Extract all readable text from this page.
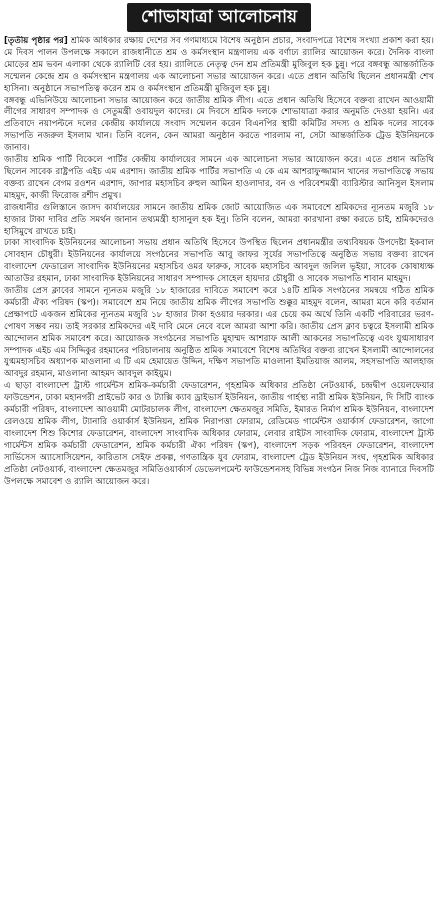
শোভাযাত্রা আলোচনায়

[তৃতীয় পৃষ্ঠার পর] শ্রমিক অধিকার রক্ষায় দেশের সব গণমাধ্যমে বিশেষ অনুষ্ঠান প্রচার, সংবাদপত্রে বিশেষ সংখ্যা প্রকাশ করা হয়। মে দিবস পালন উপলক্ষে সকালে রাজধানীতে শ্রম ও কর্মসংস্থান মন্ত্রণালয় এক বর্ণাঢ্য র‌্যালির আয়োজন করে। দৈনিক বাংলা মোড়ের শ্রম ভবন এলাকা থেকে র‌্যালিটি বের হয়। র‌্যালিতে নেতৃত্ব দেন শ্রম প্রতিমন্ত্রী মুজিবুল হক চুন্নু। পরে বঙ্গবন্ধু আন্তর্জাতিক সম্মেলন কেন্দ্রে শ্রম ও কর্মসংস্থান মন্ত্রণালয় এক আলোচনা সভার আয়োজন করে। এতে প্রধান অতিথি ছিলেন প্রধানমন্ত্রী শেখ হাসিনা। অনুষ্ঠানে সভাপতিত্ব করেন শ্রম ও কর্মসংস্থান প্রতিমন্ত্রী মুজিবুল হক চুন্নু।

বঙ্গবন্ধু এভিনিউয়ে আলোচনা সভার আয়োজন করে জাতীয় শ্রমিক লীগ। এতে প্রধান অতিথি হিসেবে বক্তব্য রাখেন আওয়ামী লীগের সাধারণ সম্পাদক ও সেতুমন্ত্রী ওবায়দুল কাদের। মে দিবসে শ্রমিক দলকে শোভাযাত্রা করার অনুমতি দেওয়া হয়নি। এর প্রতিবাদে নয়াপল্টনে দলের কেন্দ্রীয় কার্যালয়ে সংবাদ সম্মেলন করেন বিএনপির স্থায়ী কমিটির সদস্য ও শ্রমিক দলের সাবেক সভাপতি নজরুল ইসলাম খান। তিনি বলেন, কেন আমরা অনুষ্ঠান করতে পারলাম না, সেটা আন্তর্জাতিক ট্রেড ইউনিয়নকে জানাব।

জাতীয় শ্রমিক পার্টি বিকেলে পার্টির কেন্দ্রীয় কার্যালয়ের সামনে এক আলোচনা সভার আয়োজন করে। এতে প্রধান অতিথি ছিলেন সাবেক রাষ্ট্রপতি এইচ এম এরশাদ। জাতীয় শ্রমিক পার্টির সভাপতি এ কে এম আশরাফুজ্জামান খানের সভাপতিত্বে সভায় বক্তব্য রাখেন বেগম রওশন এরশাদ, জাপার মহাসচিব রুহুল আমিন হাওলাদার, বন ও পরিবেশমন্ত্রী ব্যারিস্টার আনিসুল ইসলাম মাহমুদ, কাজী ফিরোজ রশীদ প্রমুখ।

রাজধানীর গুলিস্তানে জাসদ কার্যালয়ের সামনে জাতীয় শ্রমিক জোট আয়োজিত এক সমাবেশে শ্রমিকদের ন্যূনতম মজুরি ১৮ হাজার টাকা দাবির প্রতি সমর্থন জানান তথ্যমন্ত্রী হাসানুল হক ইনু। তিনি বলেন, আমরা কারখানা রক্ষা করতে চাই, শ্রমিকদেরও হাসিমুখে রাখতে চাই।

ঢাকা সাংবাদিক ইউনিয়নের আলোচনা সভায় প্রধান অতিথি হিসেবে উপস্থিত ছিলেন প্রধানমন্ত্রীর তথ্যবিষয়ক উপদেষ্টা ইকবাল সোবহান চৌধুরী। ইউনিয়নের কার্যালয়ে সংগঠনের সভাপতি আবু জাফর সূর্যের সভাপতিত্বে অনুষ্ঠিত সভায় বক্তব্য রাখেন বাংলাদেশ ফেডারেল সাংবাদিক ইউনিয়নের মহাসচিব ওমর ফারুক, সাবেক মহাসচিব আবদুল জলিল ভূইয়া, সাবেক কোষাধ্যক্ষ আতাউর রহমান, ঢাকা সাংবাদিক ইউনিয়নের সাধারণ সম্পাদক সোহেল হায়দার চৌধুরী ও সাবেক সভাপতি শাবান মাহমুদ।

জাতীয় প্রেস ক্লাবের সামনে ন্যূনতম মজুরি ১৮ হাজারের দাবিতে সমাবেশ করে ১৪টি শ্রমিক সংগঠনের সমন্বয়ে গঠিত শ্রমিক কর্মচারী ঐক্য পরিষদ (স্কপ)। সমাবেশে শ্রম নিয়ে জাতীয় শ্রমিক লীগের সভাপতি শুক্কুর মাহমুদ বলেন, আমরা মনে করি বর্তমান প্রেক্ষাপটে একজন শ্রমিকের ন্যূনতম মজুরি ১৮ হাজার টাকা হওয়ার দরকার। এর চেয়ে কম অর্থে তিনি একটি পরিবারের ভরণ-পোষণ সম্ভব নয়। তাই সরকার শ্রমিকদের এই দাবি মেনে নেবে বলে আমরা আশা করি। জাতীয় প্রেস ক্লাব চত্বরে ইসলামী শ্রমিক আন্দোলন শ্রমিক সমাবেশ করে। আয়োজক সংগঠনের সভাপতি মুহাম্মদ আশরাফ আলী আকনের সভাপতিত্বে এবং যুগ্মসাধারণ সম্পাদক এইচ এম সিদ্দিকুর রহমানের পরিচালনায় অনুষ্ঠিত শ্রমিক সমাবেশে বিশেষ অতিথির বক্তব্য রাখেন ইসলামী আন্দোলনের যুগ্মমহাসচিব অধ্যাপক মাওলানা এ টি এম হেমায়েত উদ্দিন, দক্ষিণ সভাপতি মাওলানা ইমতিয়াজ আলম, সহসভাপতি আলহাজ আবদুর রহমান, মাওলানা আহমদ আবদুল কাইয়ুম।

এ ছাড়া বাংলাদেশ ট্রাস্ট গার্মেন্টস শ্রমিক-কর্মচারী ফেডারেশন, গৃহশ্রমিক অধিকার প্রতিষ্ঠা নেটওয়ার্ক, চন্দ্রদ্বীপ ওয়েলফেয়ার ফাউন্ডেশন, ঢাকা মহানগরী প্রাইভেট কার ও ট্যাক্সি ক্যাব ড্রাইভার্স ইউনিয়ন, জাতীয় গার্হস্থ্য নারী শ্রমিক ইউনিয়ন, দি সিটি ব্যাংক কর্মচারী পরিষদ, বাংলাদেশ আওয়ামী মোটরচালক লীগ, বাংলাদেশ ক্ষেতমজুর সমিতি, ইমারত নির্মাণ শ্রমিক ইউনিয়ন, বাংলাদেশ রেলওয়ে শ্রমিক লীগ, ট্যানারি ওয়ার্কার্স ইউনিয়ন, শ্রমিক নিরাপত্তা ফোরাম, রেডিমেড গার্মেন্টস ওয়ার্কার্স ফেডারেশন, জাগো বাংলাদেশ শিশু কিশোর ফেডারেশন, বাংলাদেশ সাংবাদিক অধিকার ফোরাম, লেবার রাইটস সাংবাদিক ফোরাম, বাংলাদেশ ট্রাস্ট গার্মেন্টস শ্রমিক কর্মচারী ফেডারেশন, শ্রমিক কর্মচারী ঐক্য পরিষদ (স্কপ), বাংলাদেশ সড়ক পরিবহন ফেডারেশন, বাংলাদেশ সার্ভিসেস অ্যাসোসিয়েশন, কারিতাস সেইফ প্রকল্প, গণতান্ত্রিক যুব ফোরাম, বাংলাদেশ ট্রেড ইউনিয়ন সংঘ, গৃহশ্রমিক অধিকার প্রতিষ্ঠা নেটওয়ার্ক, বাংলাদেশ ক্ষেতমজুর সমিতিওয়ার্কার্স ডেভেলপমেন্ট ফাউন্ডেশনসহ বিভিন্ন সংগঠন নিজ নিজ ব্যানারে দিবসটি উপলক্ষে সমাবেশ ও র‌্যালি আয়োজন করে।
